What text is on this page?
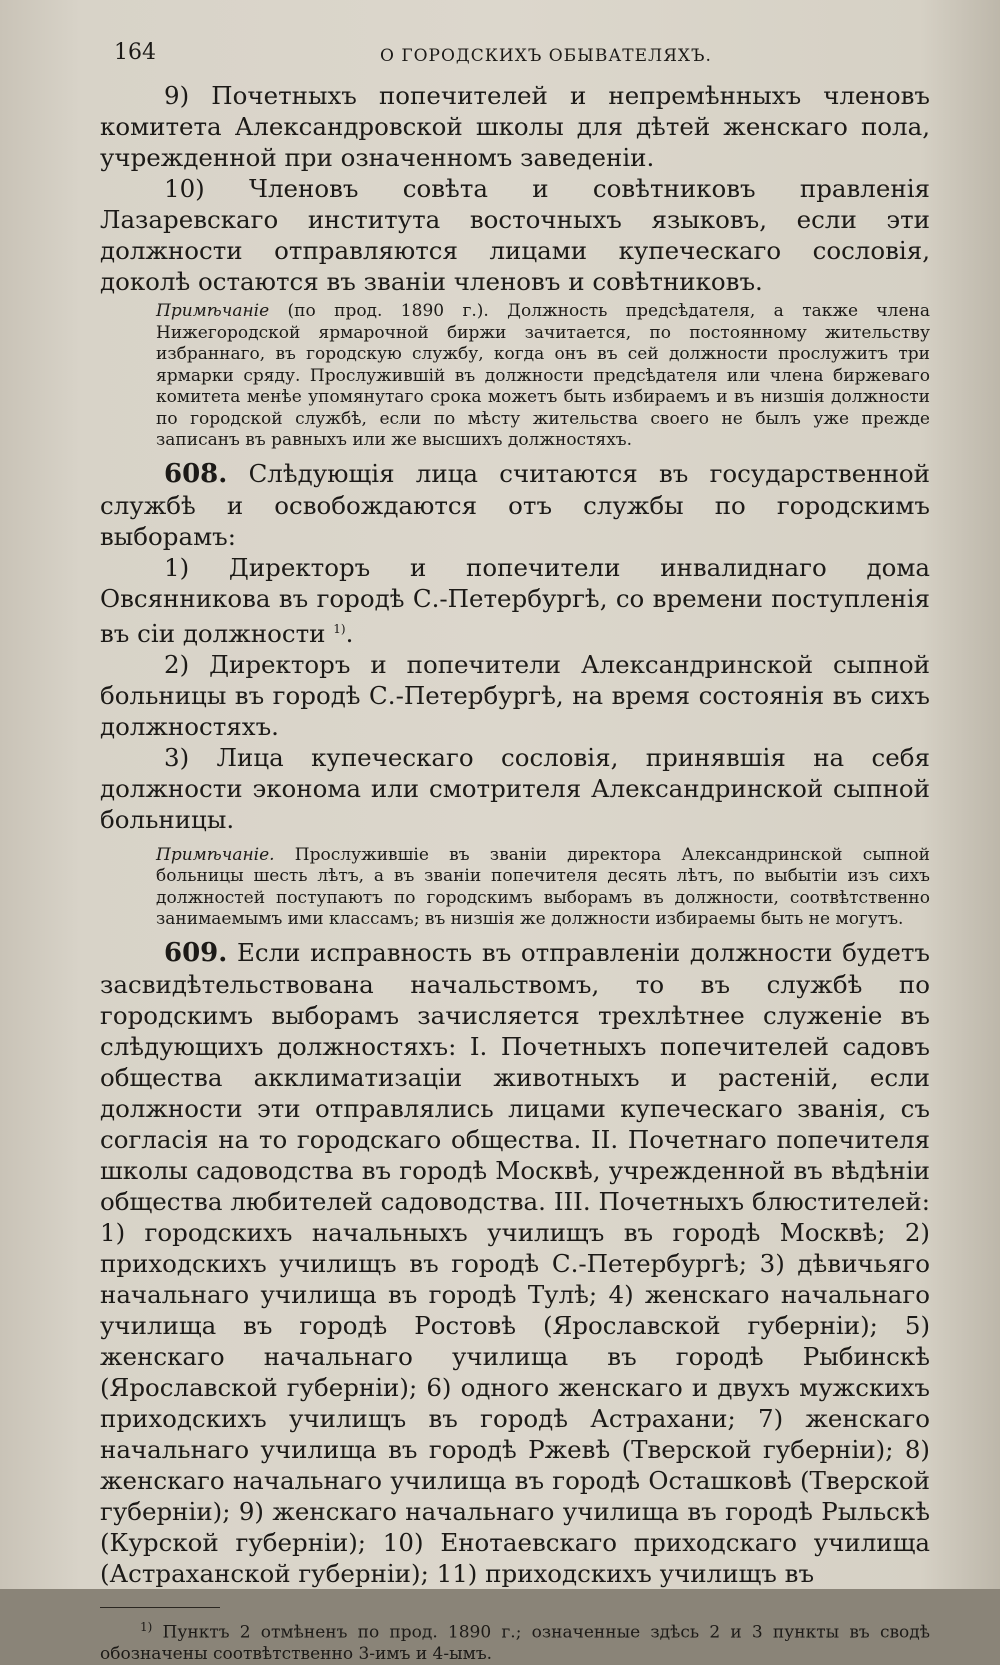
164	О ГОРОДСКИХЪ ОБЫВАТЕЛЯХЪ.

9) Почетныхъ попечителей и непремѣнныхъ членовъ комитета Александровской школы для дѣтей женскаго пола, учрежденной при означенномъ заведеніи.

10) Членовъ совѣта и совѣтниковъ правленія Лазаревскаго института восточныхъ языковъ, если эти должности отправляются лицами купеческаго сословія, доколѣ остаются въ званіи членовъ и совѣтниковъ.

Примѣчаніе (по прод. 1890 г.). Должность предсѣдателя, а также члена Нижегородской ярмарочной биржи зачитается, по постоянному жительству избраннаго, въ городскую службу, когда онъ въ сей должности прослужитъ три ярмарки сряду. Прослужившій въ должности предсѣдателя или члена биржеваго комитета менѣе упомянутаго срока можетъ быть избираемъ и въ низшія должности по городской службѣ, если по мѣсту жительства своего не былъ уже прежде записанъ въ равныхъ или же высшихъ должностяхъ.

608. Слѣдующія лица считаются въ государственной службѣ и освобождаются отъ службы по городскимъ выборамъ:

1) Директоръ и попечители инвалиднаго дома Овсянникова въ городѣ С.-Петербургѣ, со времени поступленія въ сіи должности $^{1)}$.

2) Директоръ и попечители Александринской сыпной больницы въ городѣ С.-Петербургѣ, на время состоянія въ сихъ должностяхъ.

3) Лица купеческаго сословія, принявшія на себя должности эконома или смотрителя Александринской сыпной больницы.

Примѣчаніе. Прослужившіе въ званіи директора Александринской сыпной больницы шесть лѣтъ, а въ званіи попечителя десять лѣтъ, по выбытіи изъ сихъ должностей поступаютъ по городскимъ выборамъ въ должности, соотвѣтственно занимаемымъ ими классамъ; въ низшія же должности избираемы быть не могутъ.

609. Если исправность въ отправленіи должности будетъ засвидѣтельствована начальствомъ, то въ службѣ по городскимъ выборамъ зачисляется трехлѣтнее служеніе въ слѣдующихъ должностяхъ: I. Почетныхъ попечителей садовъ общества акклиматизаціи животныхъ и растеній, если должности эти отправлялись лицами купеческаго званія, съ согласія на то городскаго общества. II. Почетнаго попечителя школы садоводства въ городѣ Москвѣ, учрежденной въ вѣдѣніи общества любителей садоводства. III. Почетныхъ блюстителей: 1) городскихъ начальныхъ училищъ въ городѣ Москвѣ; 2) приходскихъ училищъ въ городѣ С.-Петербургѣ; 3) дѣвичьяго начальнаго училища въ городѣ Тулѣ; 4) женскаго начальнаго училища въ городѣ Ростовѣ (Ярославской губерніи); 5) женскаго начальнаго училища въ городѣ Рыбинскѣ (Ярославской губерніи); 6) одного женскаго и двухъ мужскихъ приходскихъ училищъ въ городѣ Астрахани; 7) женскаго начальнаго училища въ городѣ Ржевѣ (Тверской губерніи); 8) женскаго начальнаго училища въ городѣ Осташковѣ (Тверской губерніи); 9) женскаго начальнаго училища въ городѣ Рыльскѣ (Курской губерніи); 10) Енотаевскаго приходскаго училища (Астраханской губерніи); 11) приходскихъ училищъ въ

$^{1)}$ Пунктъ 2 отмѣненъ по прод. 1890 г.; означенные здѣсь 2 и 3 пункты въ сводѣ обозначены соотвѣтственно 3-имъ и 4-ымъ.
